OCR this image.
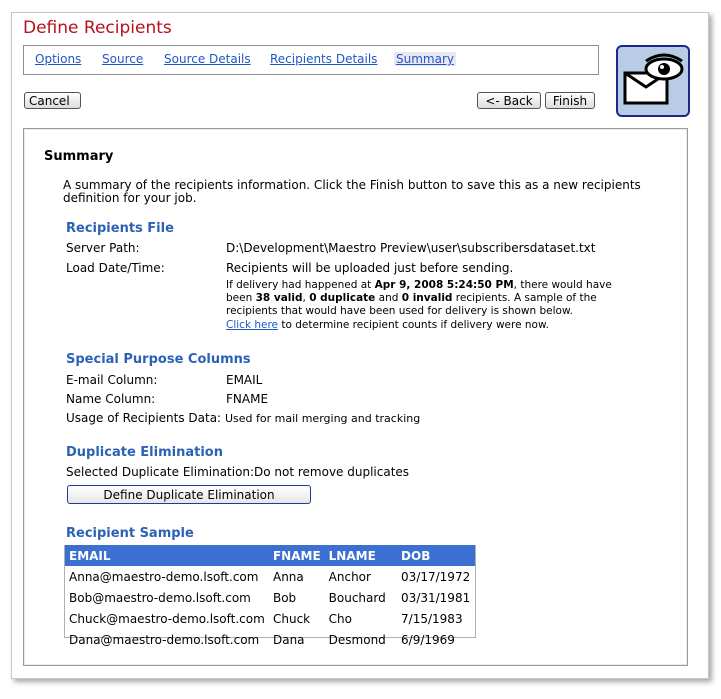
Define Recipients
Options Source Source Details Recipients Details Summary
Cancel	<- Back	Finish
Summary
A summary of the recipients information. Click the Finish button to save this as a new recipients
definition for your job.
Recipients File
Server Path:	D:\Development\Maestro Preview\user\subscribersdataset.txt
Load Date/Time:	Recipients will be uploaded just before sending.
If delivery had happened at Apr 9, 2008 5:24:50 PM, there would have
been 38 valid, 0 duplicate and 0 invalid recipients. A sample of the
recipients that would have been used for delivery is shown below.
Click here to determine recipient counts if delivery were now.
Special Purpose Columns
E-mail Column:	EMAIL
Name Column:	FNAME
Usage of Recipients Data: Used for mail merging and tracking
Duplicate Elimination
Selected Duplicate Elimination: Do not remove duplicates
Define Duplicate Elimination
Recipient Sample
EMAIL	FNAME	LNAME	DOB
Anna@maestro-demo.lsoft.com	Anna	Anchor	03/17/1972
Bob@maestro-demo.lsoft.com	Bob	Bouchard	03/31/1981
Chuck@maestro-demo.lsoft.com	Chuck	Cho	7/15/1983
Dana@maestro-demo.lsoft.com	Dana	Desmond	6/9/1969
